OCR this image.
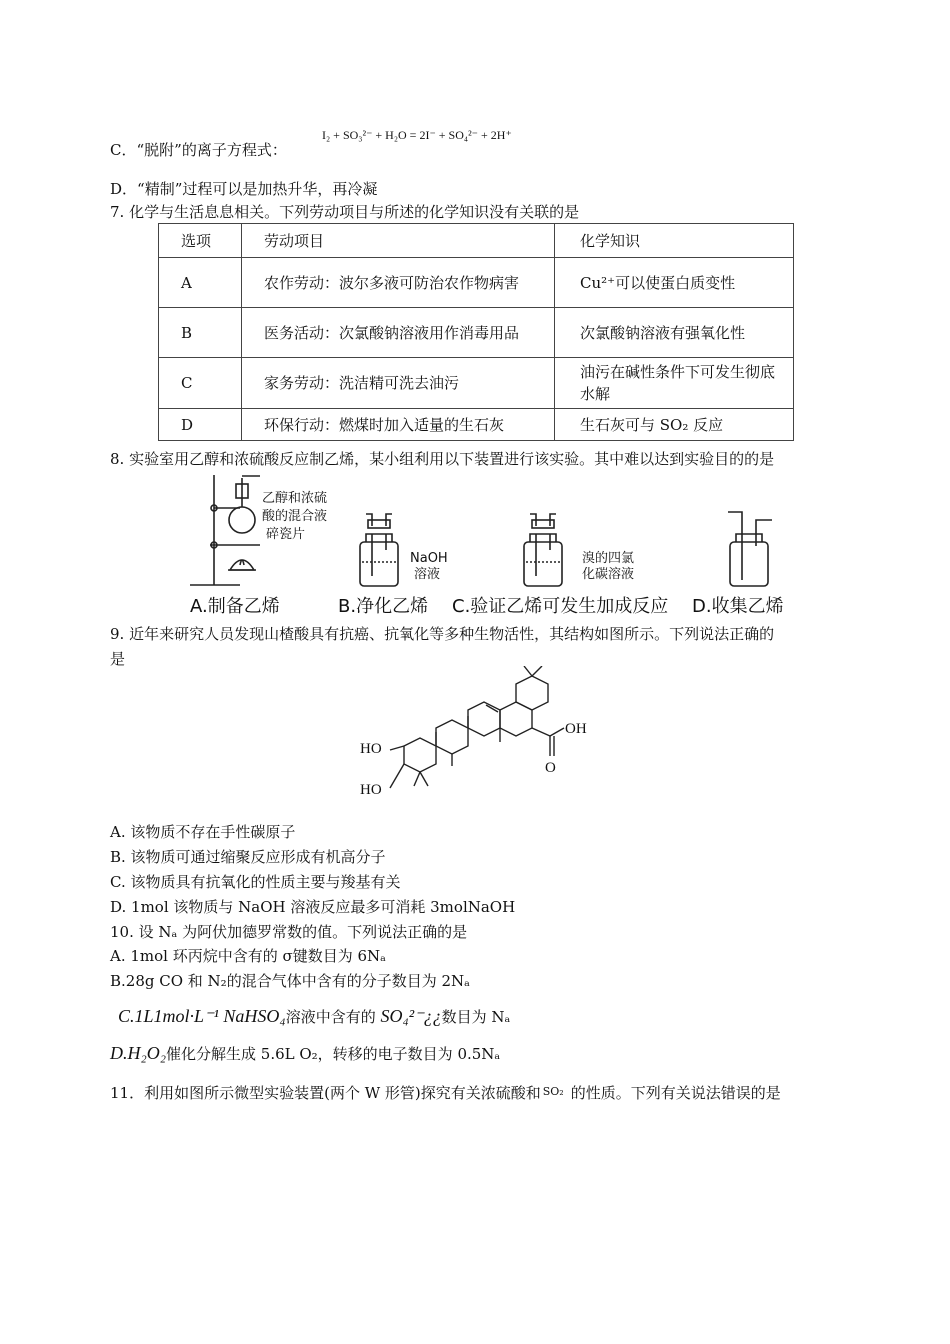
C．“脱附”的离子方程式：
I₂ + SO₃²⁻ + H₂O = 2I⁻ + SO₄²⁻ + 2H⁺
D．“精制”过程可以是加热升华，再冷凝
7. 化学与生活息息相关。下列劳动项目与所述的化学知识没有关联的是
选项	劳动项目	化学知识
A	农作劳动：波尔多液可防治农作物病害	Cu²⁺可以使蛋白质变性
B	医务活动：次氯酸钠溶液用作消毒用品	次氯酸钠溶液有强氧化性
C	家务劳动：洗洁精可洗去油污	油污在碱性条件下可发生彻底水解
D	环保行动：燃煤时加入适量的生石灰	生石灰可与 SO₂ 反应
8. 实验室用乙醇和浓硫酸反应制乙烯，某小组利用以下装置进行该实验。其中难以达到实验目的的是
乙醇和浓硫
酸的混合液
碎瓷片
NaOH
溶液
溴的四氯
化碳溶液
A.制备乙烯	B.净化乙烯 C.验证乙烯可发生加成反应 D.收集乙烯
9. 近年来研究人员发现山楂酸具有抗癌、抗氧化等多种生物活性，其结构如图所示。下列说法正确的
是
OH
HO
HO
O
A. 该物质不存在手性碳原子
B. 该物质可通过缩聚反应形成有机高分子
C. 该物质具有抗氧化的性质主要与羧基有关
D. 1mol 该物质与 NaOH 溶液反应最多可消耗 3molNaOH
10. 设 Nₐ 为阿伏加德罗常数的值。下列说法正确的是
A. 1mol 环丙烷中含有的 σ键数目为 6Nₐ
B.28g CO 和 N₂的混合气体中含有的分子数目为 2Nₐ
C.1L1mol·L⁻¹ NaHSO₄溶液中含有的 SO₄²⁻¿¿数目为 Nₐ
D.H₂O₂催化分解生成 5.6L O₂，转移的电子数目为 0.5Nₐ
11．利用如图所示微型实验装置(两个 W 形管)探究有关浓硫酸和 SO₂ 的性质。下列有关说法错误的是
